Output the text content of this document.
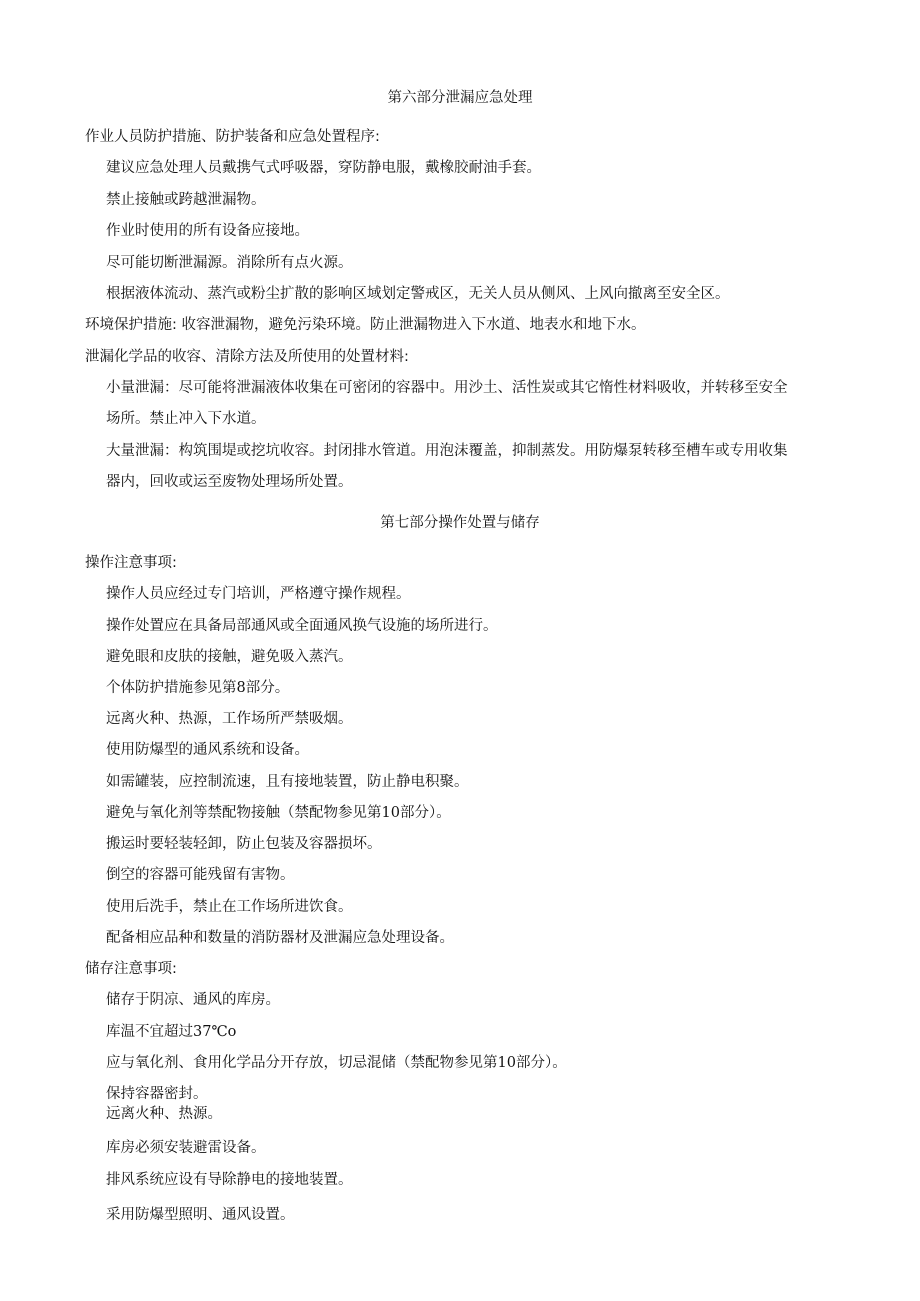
第六部分泄漏应急处理
作业人员防护措施、防护装备和应急处置程序:
建议应急处理人员戴携气式呼吸器，穿防静电服，戴橡胶耐油手套。
禁止接触或跨越泄漏物。
作业时使用的所有设备应接地。
尽可能切断泄漏源。消除所有点火源。
根据液体流动、蒸汽或粉尘扩散的影响区域划定警戒区，无关人员从侧风、上风向撤离至安全区。
环境保护措施: 收容泄漏物，避免污染环境。防止泄漏物进入下水道、地表水和地下水。
泄漏化学品的收容、清除方法及所使用的处置材料:
小量泄漏：尽可能将泄漏液体收集在可密闭的容器中。用沙土、活性炭或其它惰性材料吸收，并转移至安全
场所。禁止冲入下水道。
大量泄漏：构筑围堤或挖坑收容。封闭排水管道。用泡沫覆盖，抑制蒸发。用防爆泵转移至槽车或专用收集
器内，回收或运至废物处理场所处置。
第七部分操作处置与储存
操作注意事项:
操作人员应经过专门培训，严格遵守操作规程。
操作处置应在具备局部通风或全面通风换气设施的场所进行。
避免眼和皮肤的接触，避免吸入蒸汽。
个体防护措施参见第8部分。
远离火种、热源，工作场所严禁吸烟。
使用防爆型的通风系统和设备。
如需罐装，应控制流速，且有接地装置，防止静电积聚。
避免与氧化剂等禁配物接触（禁配物参见第10部分）。
搬运时要轻装轻卸，防止包装及容器损坏。
倒空的容器可能残留有害物。
使用后洗手，禁止在工作场所进饮食。
配备相应品种和数量的消防器材及泄漏应急处理设备。
储存注意事项:
储存于阴凉、通风的库房。
库温不宜超过37℃o
应与氧化剂、食用化学品分开存放，切忌混储（禁配物参见第10部分）。
保持容器密封。
远离火种、热源。
库房必须安装避雷设备。
排风系统应设有导除静电的接地装置。
采用防爆型照明、通风设置。
